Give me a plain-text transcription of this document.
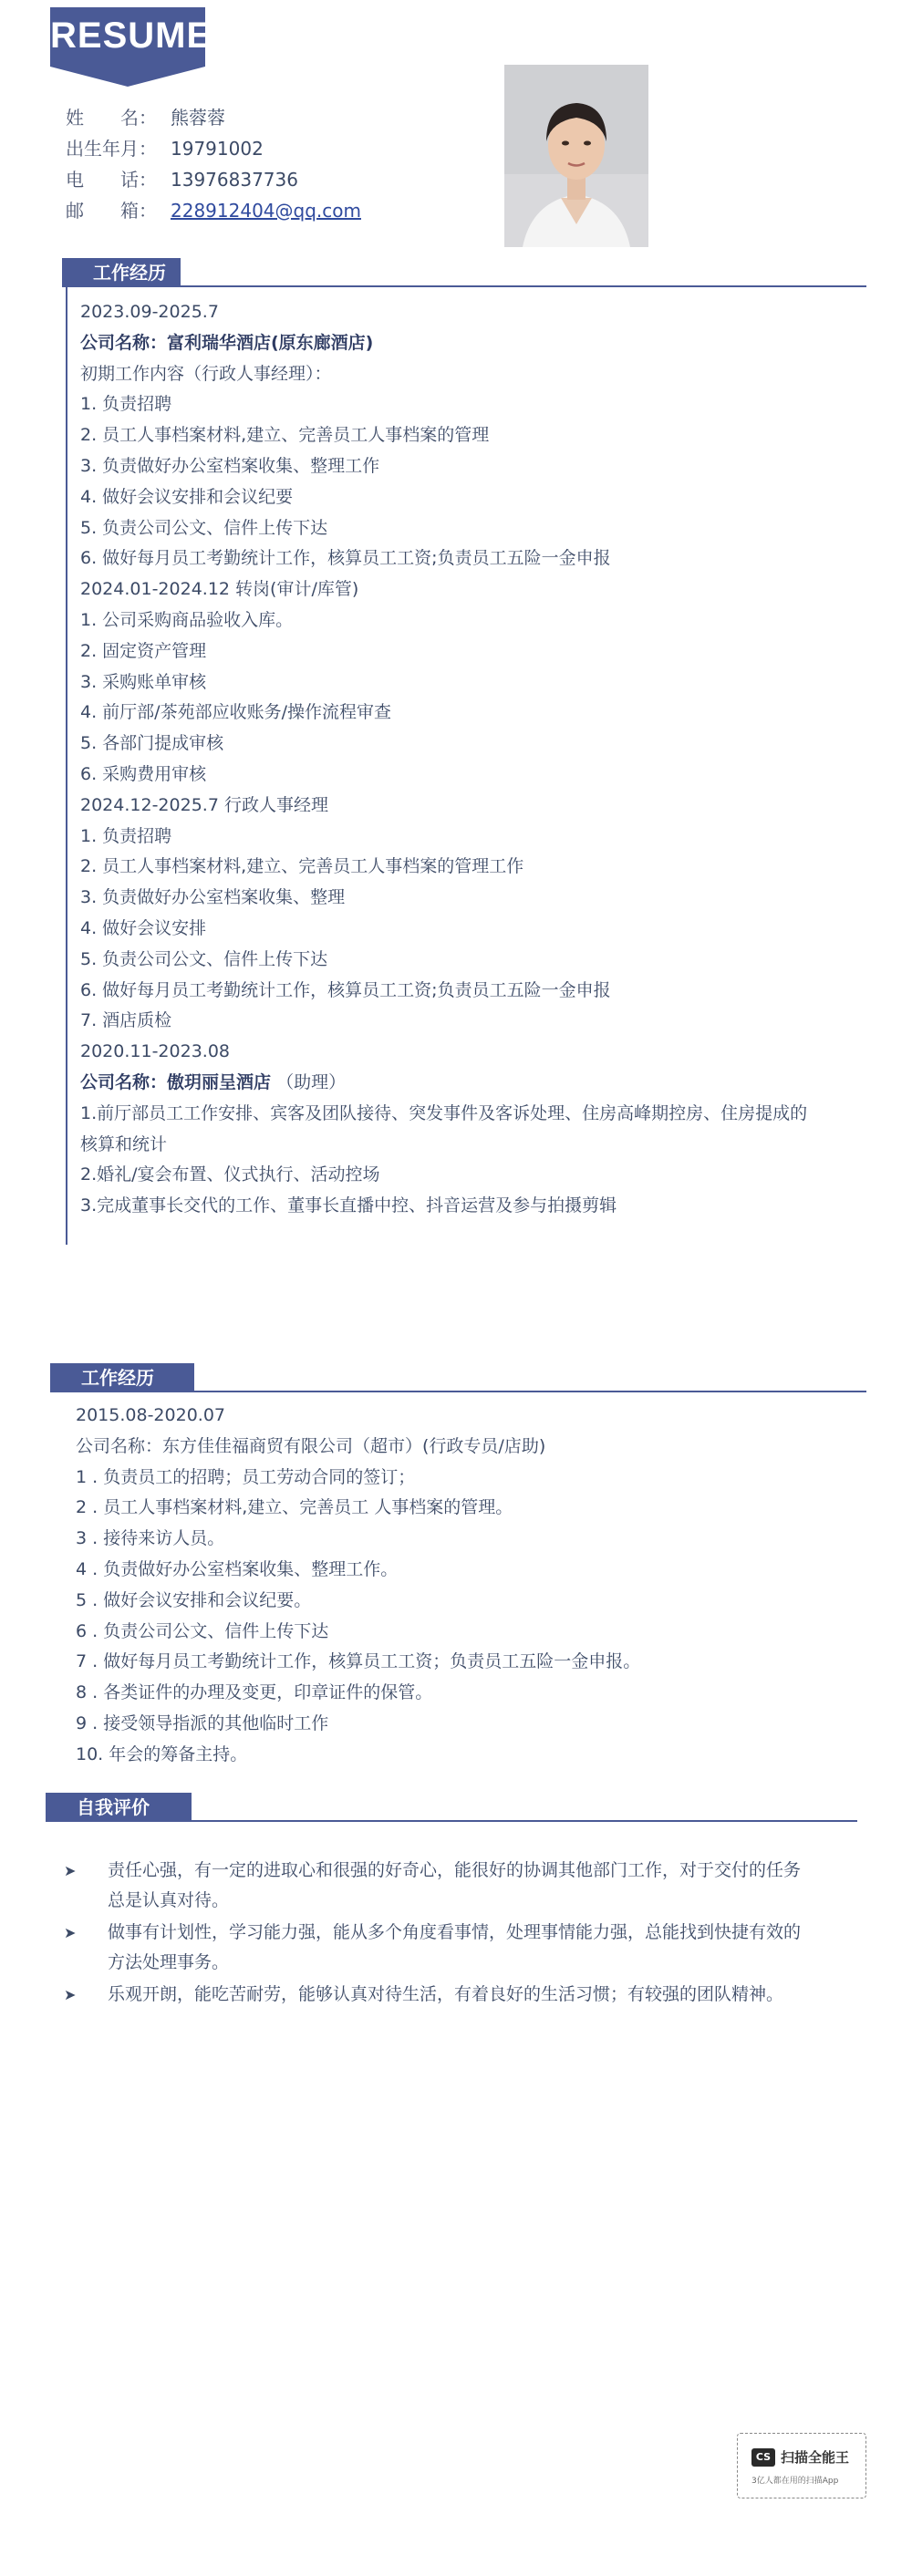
RESUME
姓　　名： 熊蓉蓉
出生年月： 19791002
电　　话： 13976837736
邮　　箱： 228912404@qq.com
工作经历

2023.09-2025.7

公司名称：富利瑞华酒店(原东廊酒店)

初期工作内容（行政人事经理）：

1. 负责招聘

2. 员工人事档案材料,建立、完善员工人事档案的管理

3. 负责做好办公室档案收集、整理工作

4. 做好会议安排和会议纪要

5. 负责公司公文、信件上传下达

6. 做好每月员工考勤统计工作，核算员工工资;负责员工五险一金申报

2024.01-2024.12 转岗(审计/库管)

1. 公司采购商品验收入库。

2. 固定资产管理

3. 采购账单审核

4. 前厅部/茶苑部应收账务/操作流程审查

5. 各部门提成审核

6. 采购费用审核

2024.12-2025.7 行政人事经理

1. 负责招聘

2. 员工人事档案材料,建立、完善员工人事档案的管理工作

3. 负责做好办公室档案收集、整理

4. 做好会议安排

5. 负责公司公文、信件上传下达

6. 做好每月员工考勤统计工作，核算员工工资;负责员工五险一金申报

7. 酒店质检

2020.11-2023.08

公司名称：傲玥丽呈酒店 （助理）

1.前厅部员工工作安排、宾客及团队接待、突发事件及客诉处理、住房高峰期控房、住房提成的

核算和统计

2.婚礼/宴会布置、仪式执行、活动控场

3.完成董事长交代的工作、董事长直播中控、抖音运营及参与拍摄剪辑

工作经历

2015.08-2020.07

公司名称：东方佳佳福商贸有限公司（超市）(行政专员/店助)

1 . 负责员工的招聘；员工劳动合同的签订；

2 . 员工人事档案材料,建立、完善员工 人事档案的管理。

3 . 接待来访人员。

4 . 负责做好办公室档案收集、整理工作。

5 . 做好会议安排和会议纪要。

6 . 负责公司公文、信件上传下达

7 . 做好每月员工考勤统计工作，核算员工工资；负责员工五险一金申报。

8 . 各类证件的办理及变更，印章证件的保管。

9 . 接受领导指派的其他临时工作

10. 年会的筹备主持。

自我评价
➤ 责任心强，有一定的进取心和很强的好奇心，能很好的协调其他部门工作，对于交付的任务
总是认真对待。
➤ 做事有计划性，学习能力强，能从多个角度看事情，处理事情能力强，总能找到快捷有效的
方法处理事务。
➤ 乐观开朗，能吃苦耐劳，能够认真对待生活，有着良好的生活习惯；有较强的团队精神。
CS 扫描全能王
3亿人都在用的扫描App
